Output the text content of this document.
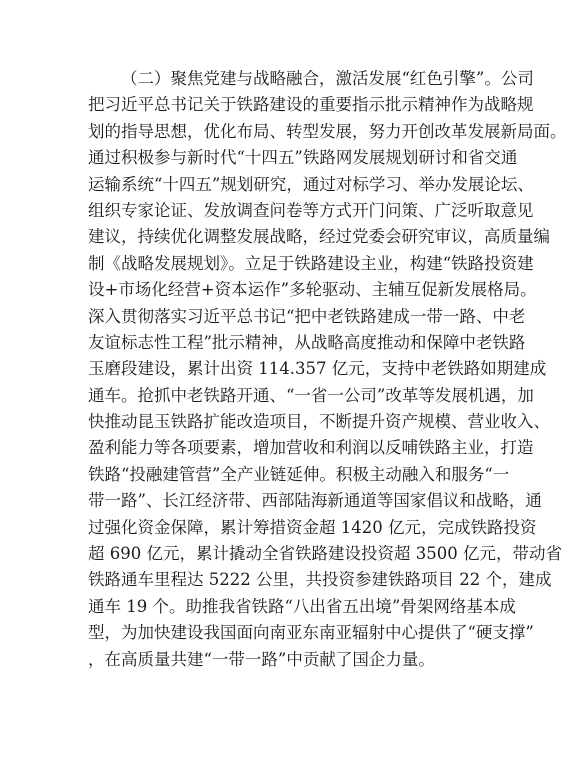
（二）聚焦党建与战略融合，激活发展“红色引擎”。公司
把习近平总书记关于铁路建设的重要指示批示精神作为战略规
划的指导思想，优化布局、转型发展，努力开创改革发展新局面。
通过积极参与新时代“十四五”铁路网发展规划研讨和省交通
运输系统“十四五”规划研究，通过对标学习、举办发展论坛、
组织专家论证、发放调查问卷等方式开门问策、广泛听取意见
建议，持续优化调整发展战略，经过党委会研究审议，高质量编
制《战略发展规划》。立足于铁路建设主业，构建“铁路投资建
设+市场化经营+资本运作”多轮驱动、主辅互促新发展格局。
深入贯彻落实习近平总书记“把中老铁路建成一带一路、中老
友谊标志性工程”批示精神，从战略高度推动和保障中老铁路
玉磨段建设，累计出资 114.357 亿元，支持中老铁路如期建成
通车。抢抓中老铁路开通、“一省一公司”改革等发展机遇，加
快推动昆玉铁路扩能改造项目，不断提升资产规模、营业收入、
盈利能力等各项要素，增加营收和利润以反哺铁路主业，打造
铁路“投融建管营”全产业链延伸。积极主动融入和服务“一
带一路”、长江经济带、西部陆海新通道等国家倡议和战略，通
过强化资金保障，累计筹措资金超 1420 亿元，完成铁路投资
超 690 亿元，累计撬动全省铁路建设投资超 3500 亿元，带动省
铁路通车里程达 5222 公里，共投资参建铁路项目 22 个，建成
通车 19 个。助推我省铁路“八出省五出境”骨架网络基本成
型，为加快建设我国面向南亚东南亚辐射中心提供了“硬支撑”
，在高质量共建“一带一路”中贡献了国企力量。
